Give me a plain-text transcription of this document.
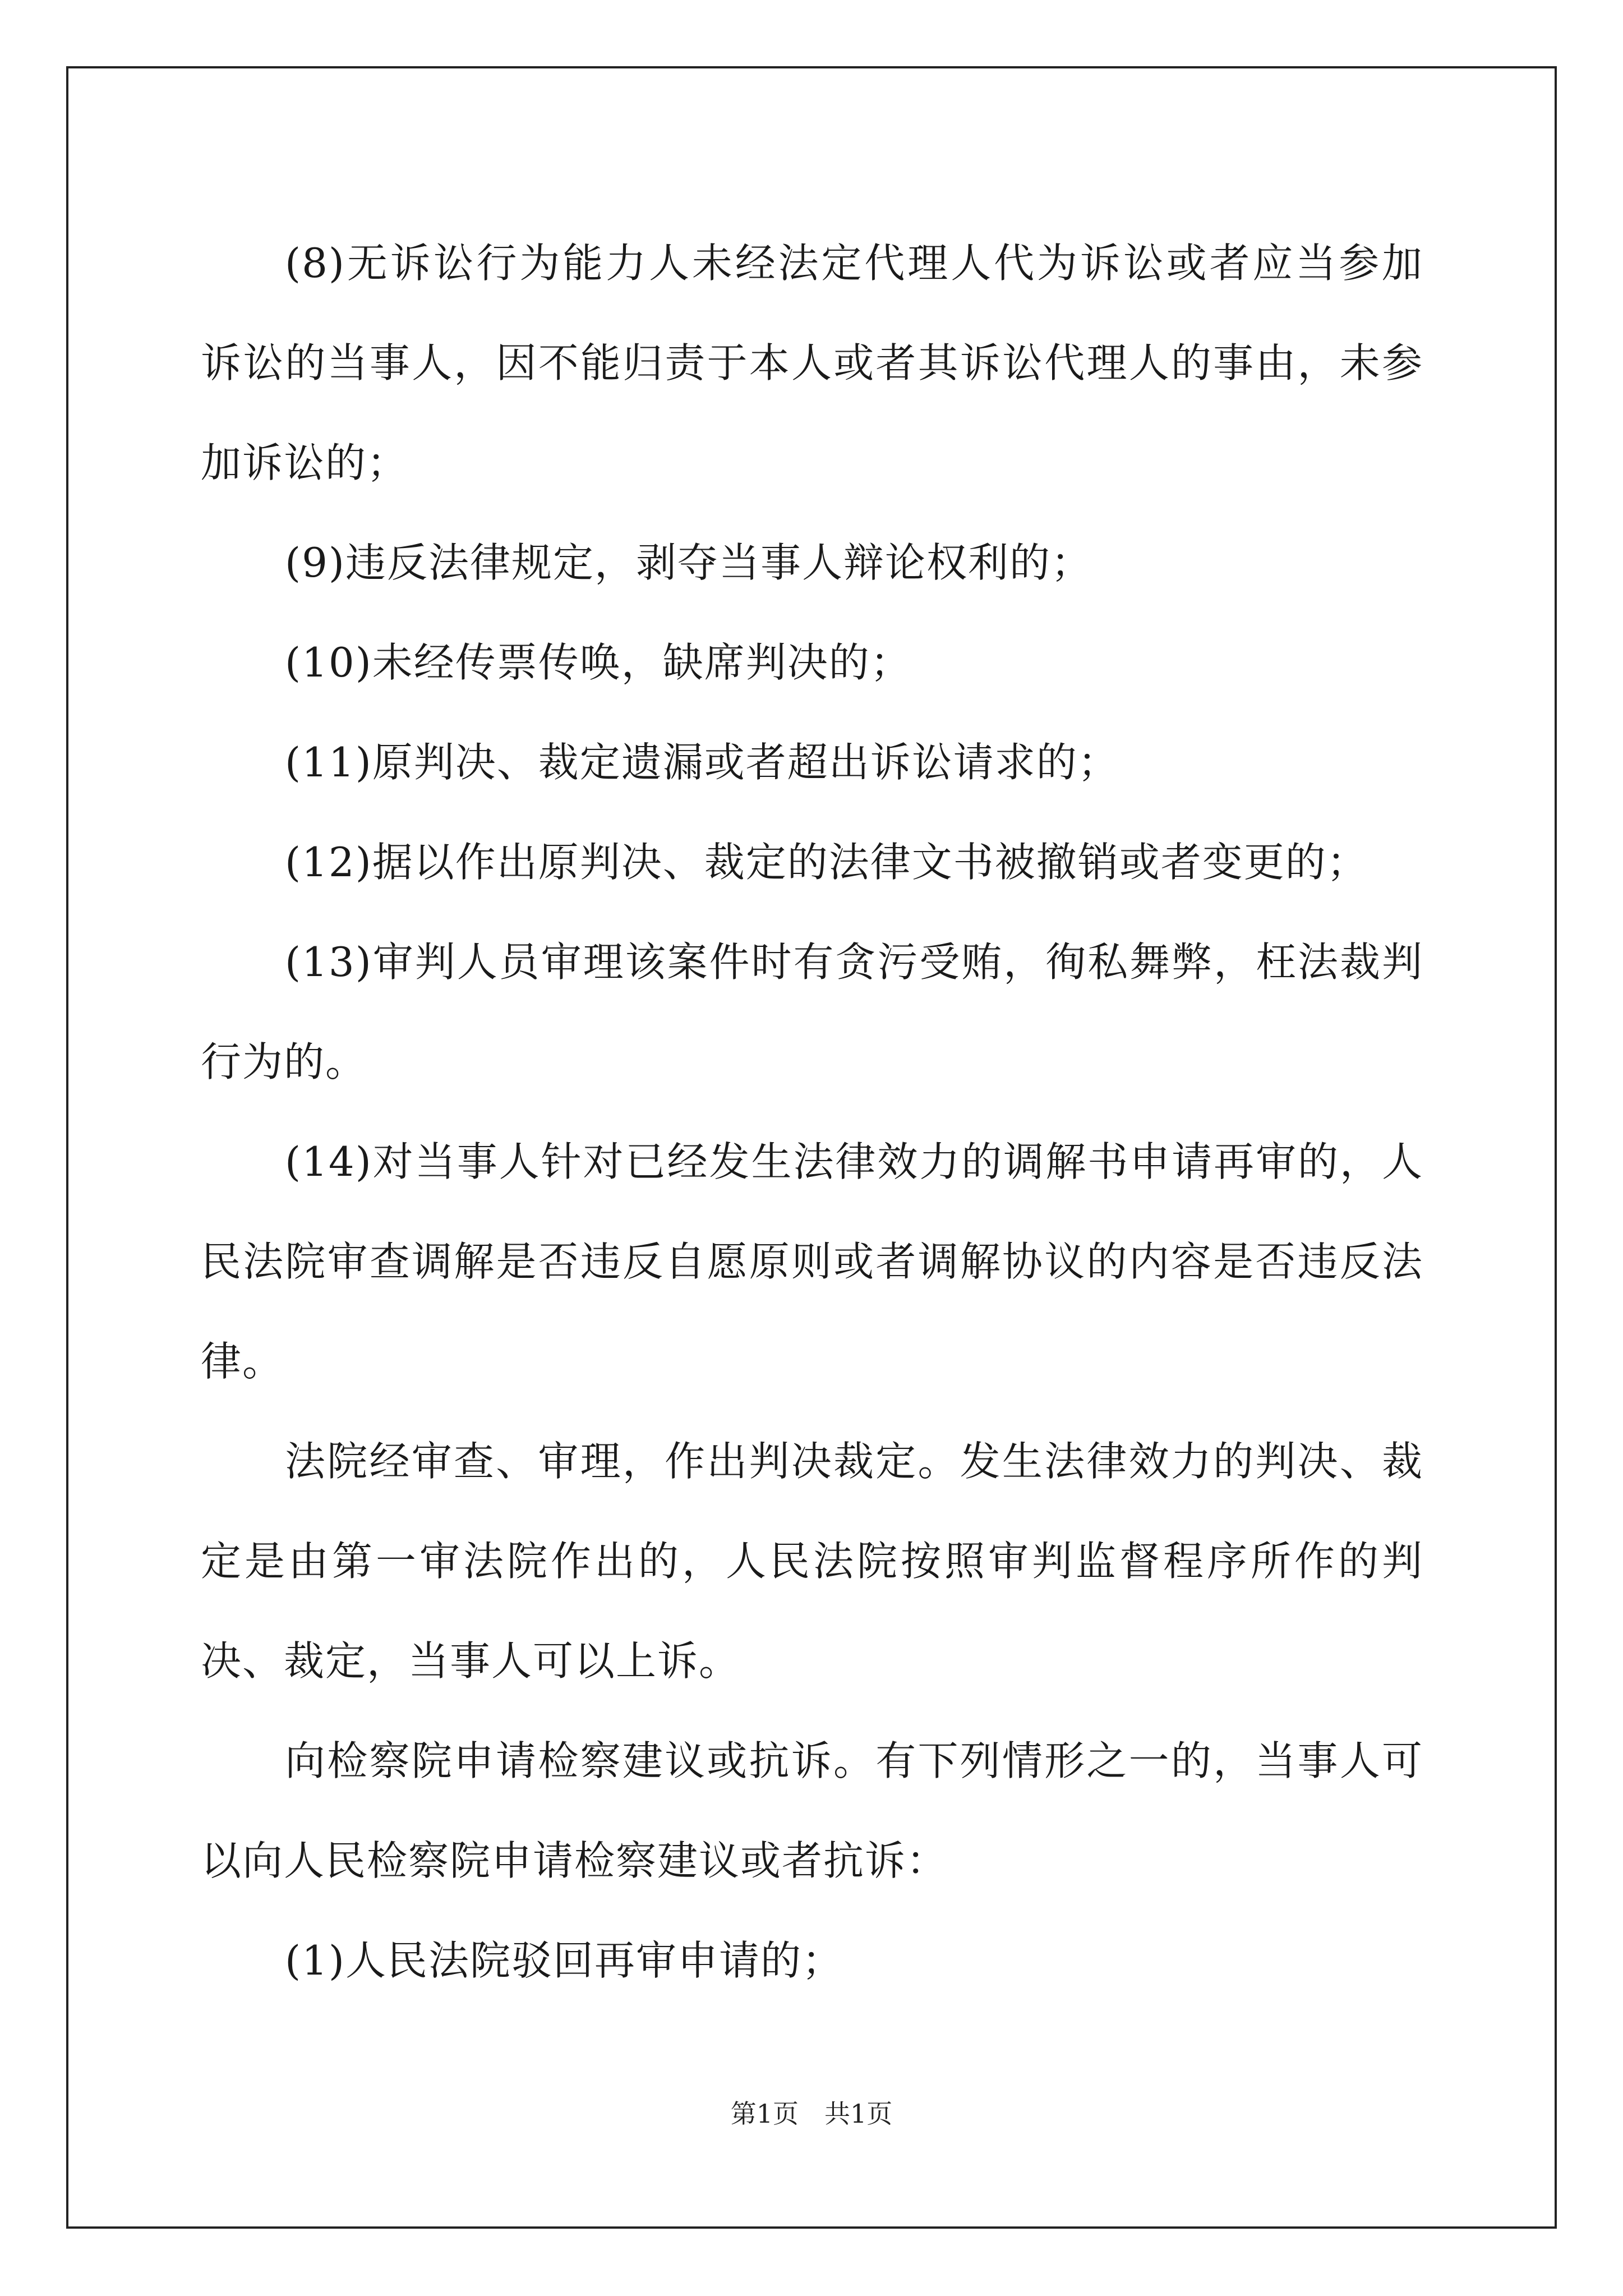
(8)无诉讼行为能力人未经法定代理人代为诉讼或者应当参加诉讼的当事人，因不能归责于本人或者其诉讼代理人的事由，未参加诉讼的；

(9)违反法律规定，剥夺当事人辩论权利的；

(10)未经传票传唤，缺席判决的；

(11)原判决、裁定遗漏或者超出诉讼请求的；

(12)据以作出原判决、裁定的法律文书被撤销或者变更的；

(13)审判人员审理该案件时有贪污受贿，徇私舞弊，枉法裁判行为的。

(14)对当事人针对已经发生法律效力的调解书申请再审的，人民法院审查调解是否违反自愿原则或者调解协议的内容是否违反法律。

法院经审查、审理，作出判决裁定。发生法律效力的判决、裁定是由第一审法院作出的，人民法院按照审判监督程序所作的判决、裁定，当事人可以上诉。

向检察院申请检察建议或抗诉。有下列情形之一的，当事人可以向人民检察院申请检察建议或者抗诉：

(1)人民法院驳回再审申请的；

第1页　共1页
